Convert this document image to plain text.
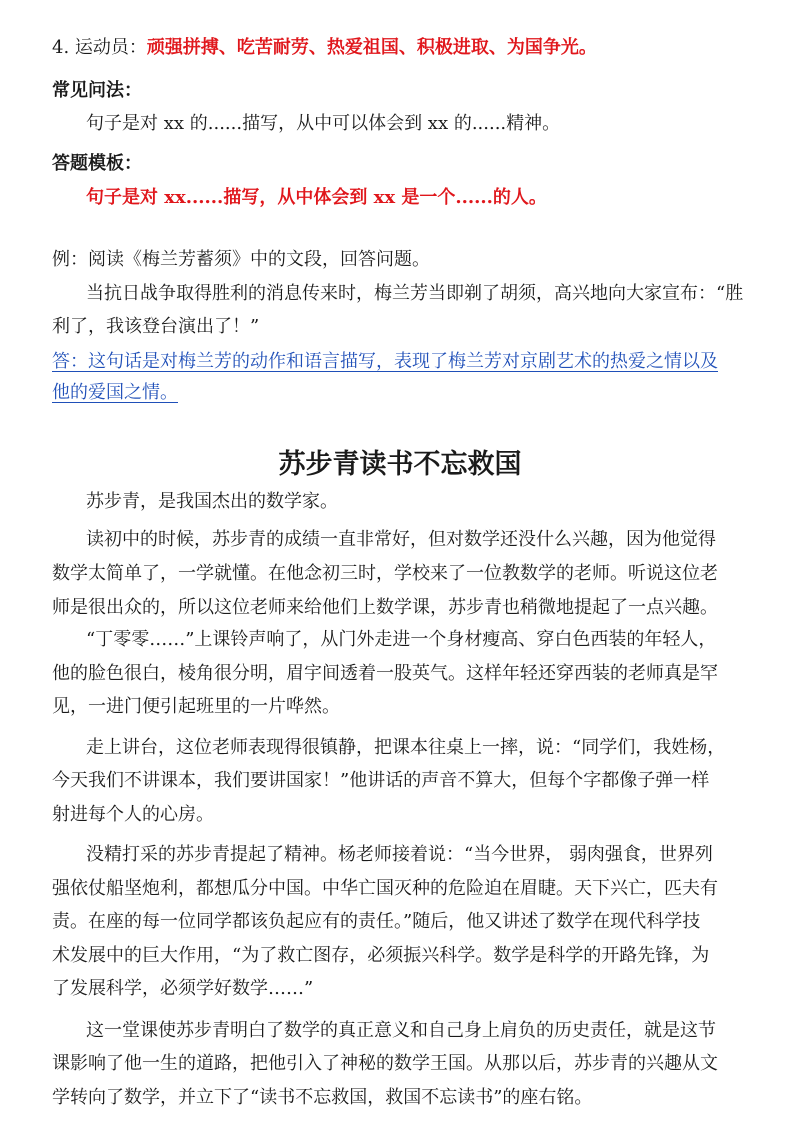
4. 运动员：顽强拼搏、吃苦耐劳、热爱祖国、积极进取、为国争光。
常见问法：
句子是对 xx 的......描写，从中可以体会到 xx 的......精神。
答题模板：
句子是对 xx......描写，从中体会到 xx 是一个......的人。
例：阅读《梅兰芳蓄须》中的文段，回答问题。
当抗日战争取得胜利的消息传来时，梅兰芳当即剃了胡须，高兴地向大家宣布：“胜
利了，我该登台演出了！”
答：这句话是对梅兰芳的动作和语言描写，表现了梅兰芳对京剧艺术的热爱之情以及
他的爱国之情。
苏步青读书不忘救国
苏步青，是我国杰出的数学家。
读初中的时候，苏步青的成绩一直非常好，但对数学还没什么兴趣，因为他觉得
数学太简单了，一学就懂。在他念初三时，学校来了一位教数学的老师。听说这位老
师是很出众的，所以这位老师来给他们上数学课，苏步青也稍微地提起了一点兴趣。
“丁零零……”上课铃声响了，从门外走进一个身材瘦高、穿白色西装的年轻人，
他的脸色很白，棱角很分明，眉宇间透着一股英气。这样年轻还穿西装的老师真是罕
见，一进门便引起班里的一片哗然。
走上讲台，这位老师表现得很镇静，把课本往桌上一摔，说：“同学们，我姓杨，
今天我们不讲课本，我们要讲国家！”他讲话的声音不算大，但每个字都像子弹一样
射进每个人的心房。
没精打采的苏步青提起了精神。杨老师接着说：“当今世界， 弱肉强食，世界列
强依仗船坚炮利，都想瓜分中国。中华亡国灭种的危险迫在眉睫。天下兴亡，匹夫有
责。在座的每一位同学都该负起应有的责任。”随后，他又讲述了数学在现代科学技
术发展中的巨大作用，“为了救亡图存，必须振兴科学。数学是科学的开路先锋，为
了发展科学，必须学好数学……”
这一堂课使苏步青明白了数学的真正意义和自己身上肩负的历史责任，就是这节
课影响了他一生的道路，把他引入了神秘的数学王国。从那以后，苏步青的兴趣从文
学转向了数学，并立下了“读书不忘救国，救国不忘读书”的座右铭。
